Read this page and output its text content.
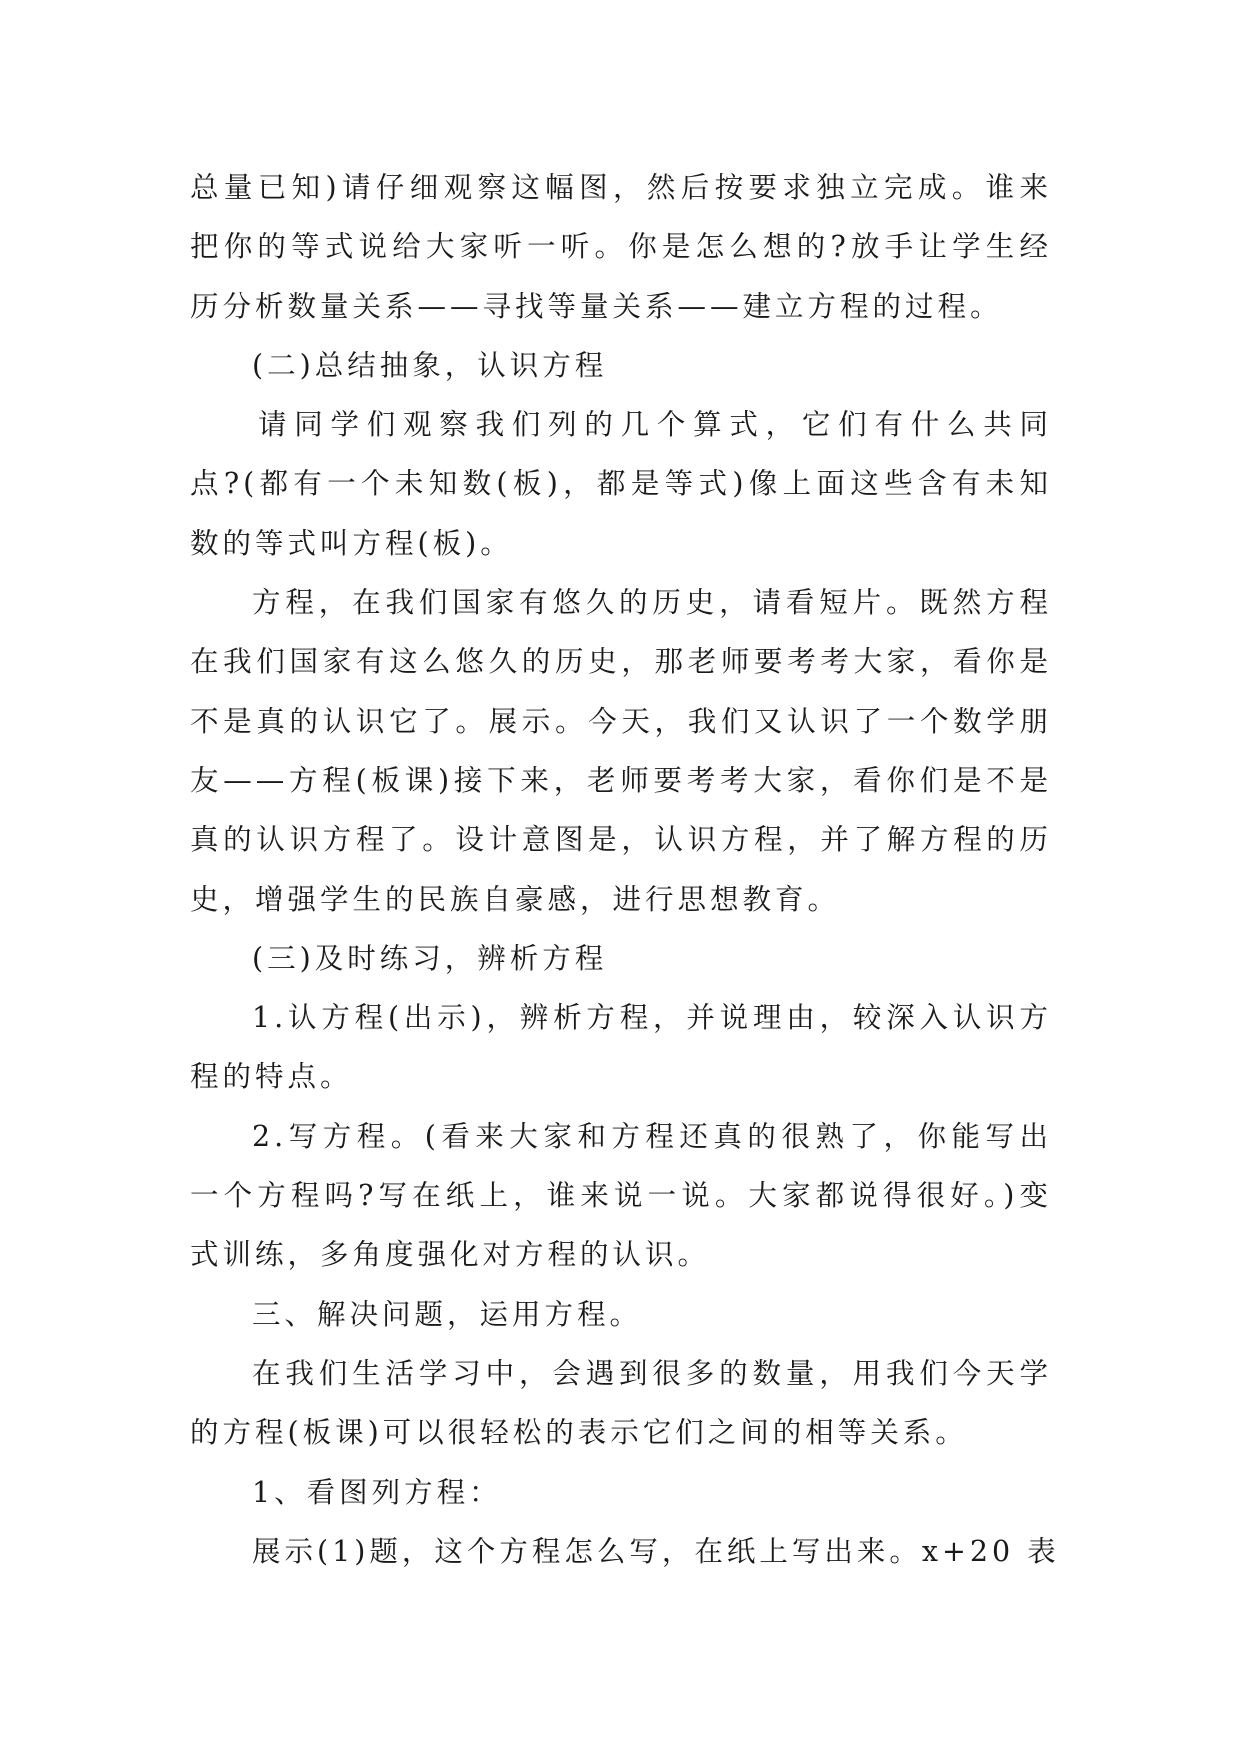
总量已知)请仔细观察这幅图，然后按要求独立完成。谁来
把你的等式说给大家听一听。你是怎么想的?放手让学生经
历分析数量关系——寻找等量关系——建立方程的过程。
(二)总结抽象，认识方程
请同学们观察我们列的几个算式，它们有什么共同
点?(都有一个未知数(板)，都是等式)像上面这些含有未知
数的等式叫方程(板)。
方程，在我们国家有悠久的历史，请看短片。既然方程
在我们国家有这么悠久的历史，那老师要考考大家，看你是
不是真的认识它了。展示。今天，我们又认识了一个数学朋
友——方程(板课)接下来，老师要考考大家，看你们是不是
真的认识方程了。设计意图是，认识方程，并了解方程的历
史，增强学生的民族自豪感，进行思想教育。
(三)及时练习，辨析方程
1.认方程(出示)，辨析方程，并说理由，较深入认识方
程的特点。
2.写方程。(看来大家和方程还真的很熟了，你能写出
一个方程吗?写在纸上，谁来说一说。大家都说得很好。)变
式训练，多角度强化对方程的认识。
三、解决问题，运用方程。
在我们生活学习中，会遇到很多的数量，用我们今天学
的方程(板课)可以很轻松的表示它们之间的相等关系。
1、看图列方程：
展示(1)题，这个方程怎么写，在纸上写出来。x+20 表
